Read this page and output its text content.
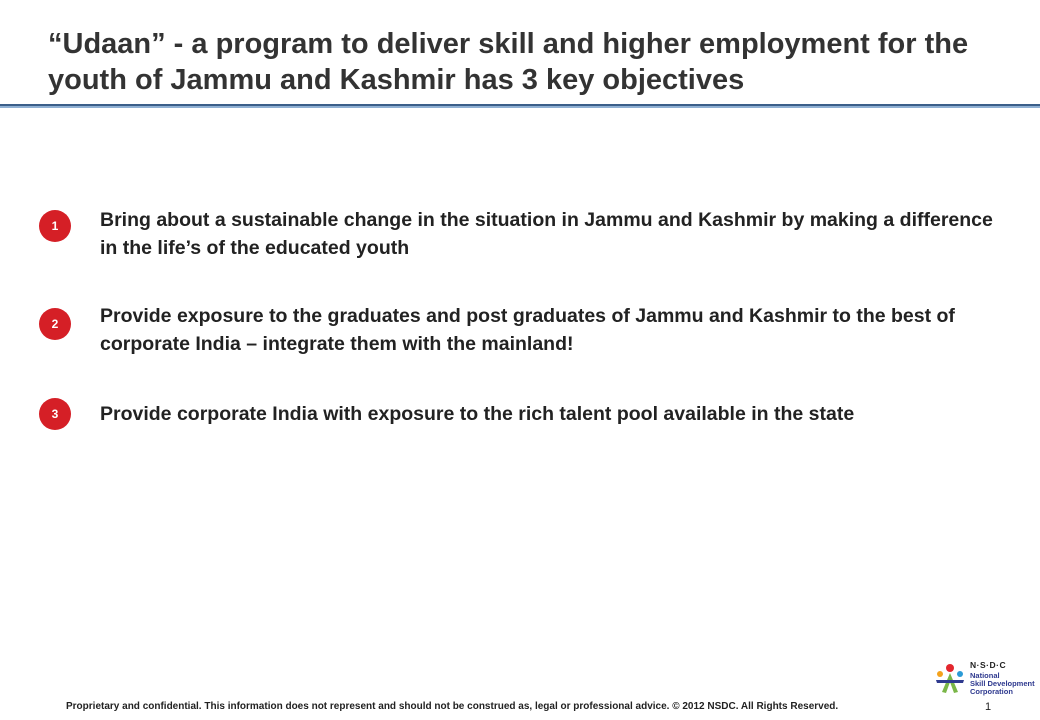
“Udaan” - a program to deliver skill and higher employment for the youth of Jammu and Kashmir has 3 key objectives
1	Bring about a sustainable change in the situation in Jammu and Kashmir by making a difference in the life’s of the educated youth
2	Provide exposure to the graduates and post graduates of Jammu and Kashmir to the best of corporate India – integrate them with the mainland!
3	Provide corporate India with exposure to the rich talent pool available in the state
Proprietary and confidential. This information does not represent and should not be construed as, legal or professional advice. © 2012 NSDC. All Rights Reserved.	1
N·S·D·C
National
Skill Development
Corporation
